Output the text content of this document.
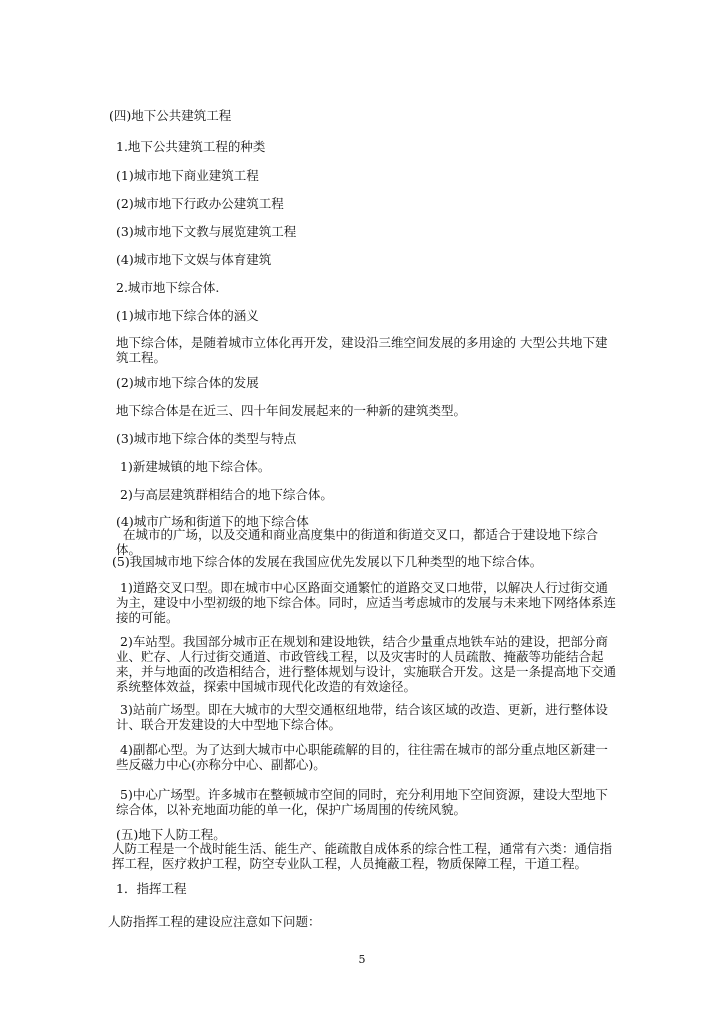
(四)地下公共建筑工程

1.地下公共建筑工程的种类

(1)城市地下商业建筑工程

(2)城市地下行政办公建筑工程

(3)城市地下文教与展览建筑工程

(4)城市地下文娱与体育建筑

2.城市地下综合体.

(1)城市地下综合体的涵义

地下综合体，是随着城市立体化再开发，建设沿三维空间发展的多用途的 大型公共地下建筑工程。

(2)城市地下综合体的发展

地下综合体是在近三、四十年间发展起来的一种新的建筑类型。

(3)城市地下综合体的类型与特点

1)新建城镇的地下综合体。

2)与高层建筑群相结合的地下综合体。

(4)城市广场和街道下的地下综合体

在城市的广场，以及交通和商业高度集中的街道和街道交叉口，都适合于建设地下综合体。

(5)我国城市地下综合体的发展在我国应优先发展以下几种类型的地下综合体。

1)道路交叉口型。即在城市中心区路面交通繁忙的道路交叉口地带，以解决人行过街交通为主，建设中小型初级的地下综合体。同时，应适当考虑城市的发展与未来地下网络体系连接的可能。

2)车站型。我国部分城市正在规划和建设地铁，结合少量重点地铁车站的建设，把部分商业、贮存、人行过街交通道、市政管线工程，以及灾害时的人员疏散、掩蔽等功能结合起来，并与地面的改造相结合，进行整体规划与设计，实施联合开发。这是一条提高地下交通系统整体效益，探索中国城市现代化改造的有效途径。

3)站前广场型。即在大城市的大型交通枢纽地带，结合该区域的改造、更新，进行整体设计、联合开发建设的大中型地下综合体。

4)副都心型。为了达到大城市中心职能疏解的目的，往往需在城市的部分重点地区新建一些反磁力中心(亦称分中心、副都心)。

5)中心广场型。许多城市在整顿城市空间的同时，充分利用地下空间资源，建设大型地下综合体，以补充地面功能的单一化，保护广场周围的传统风貌。

(五)地下人防工程。

人防工程是一个战时能生活、能生产、能疏散自成体系的综合性工程，通常有六类：通信指挥工程，医疗救护工程，防空专业队工程，人员掩蔽工程，物质保障工程，干道工程。

1．指挥工程

人防指挥工程的建设应注意如下问题：

5
